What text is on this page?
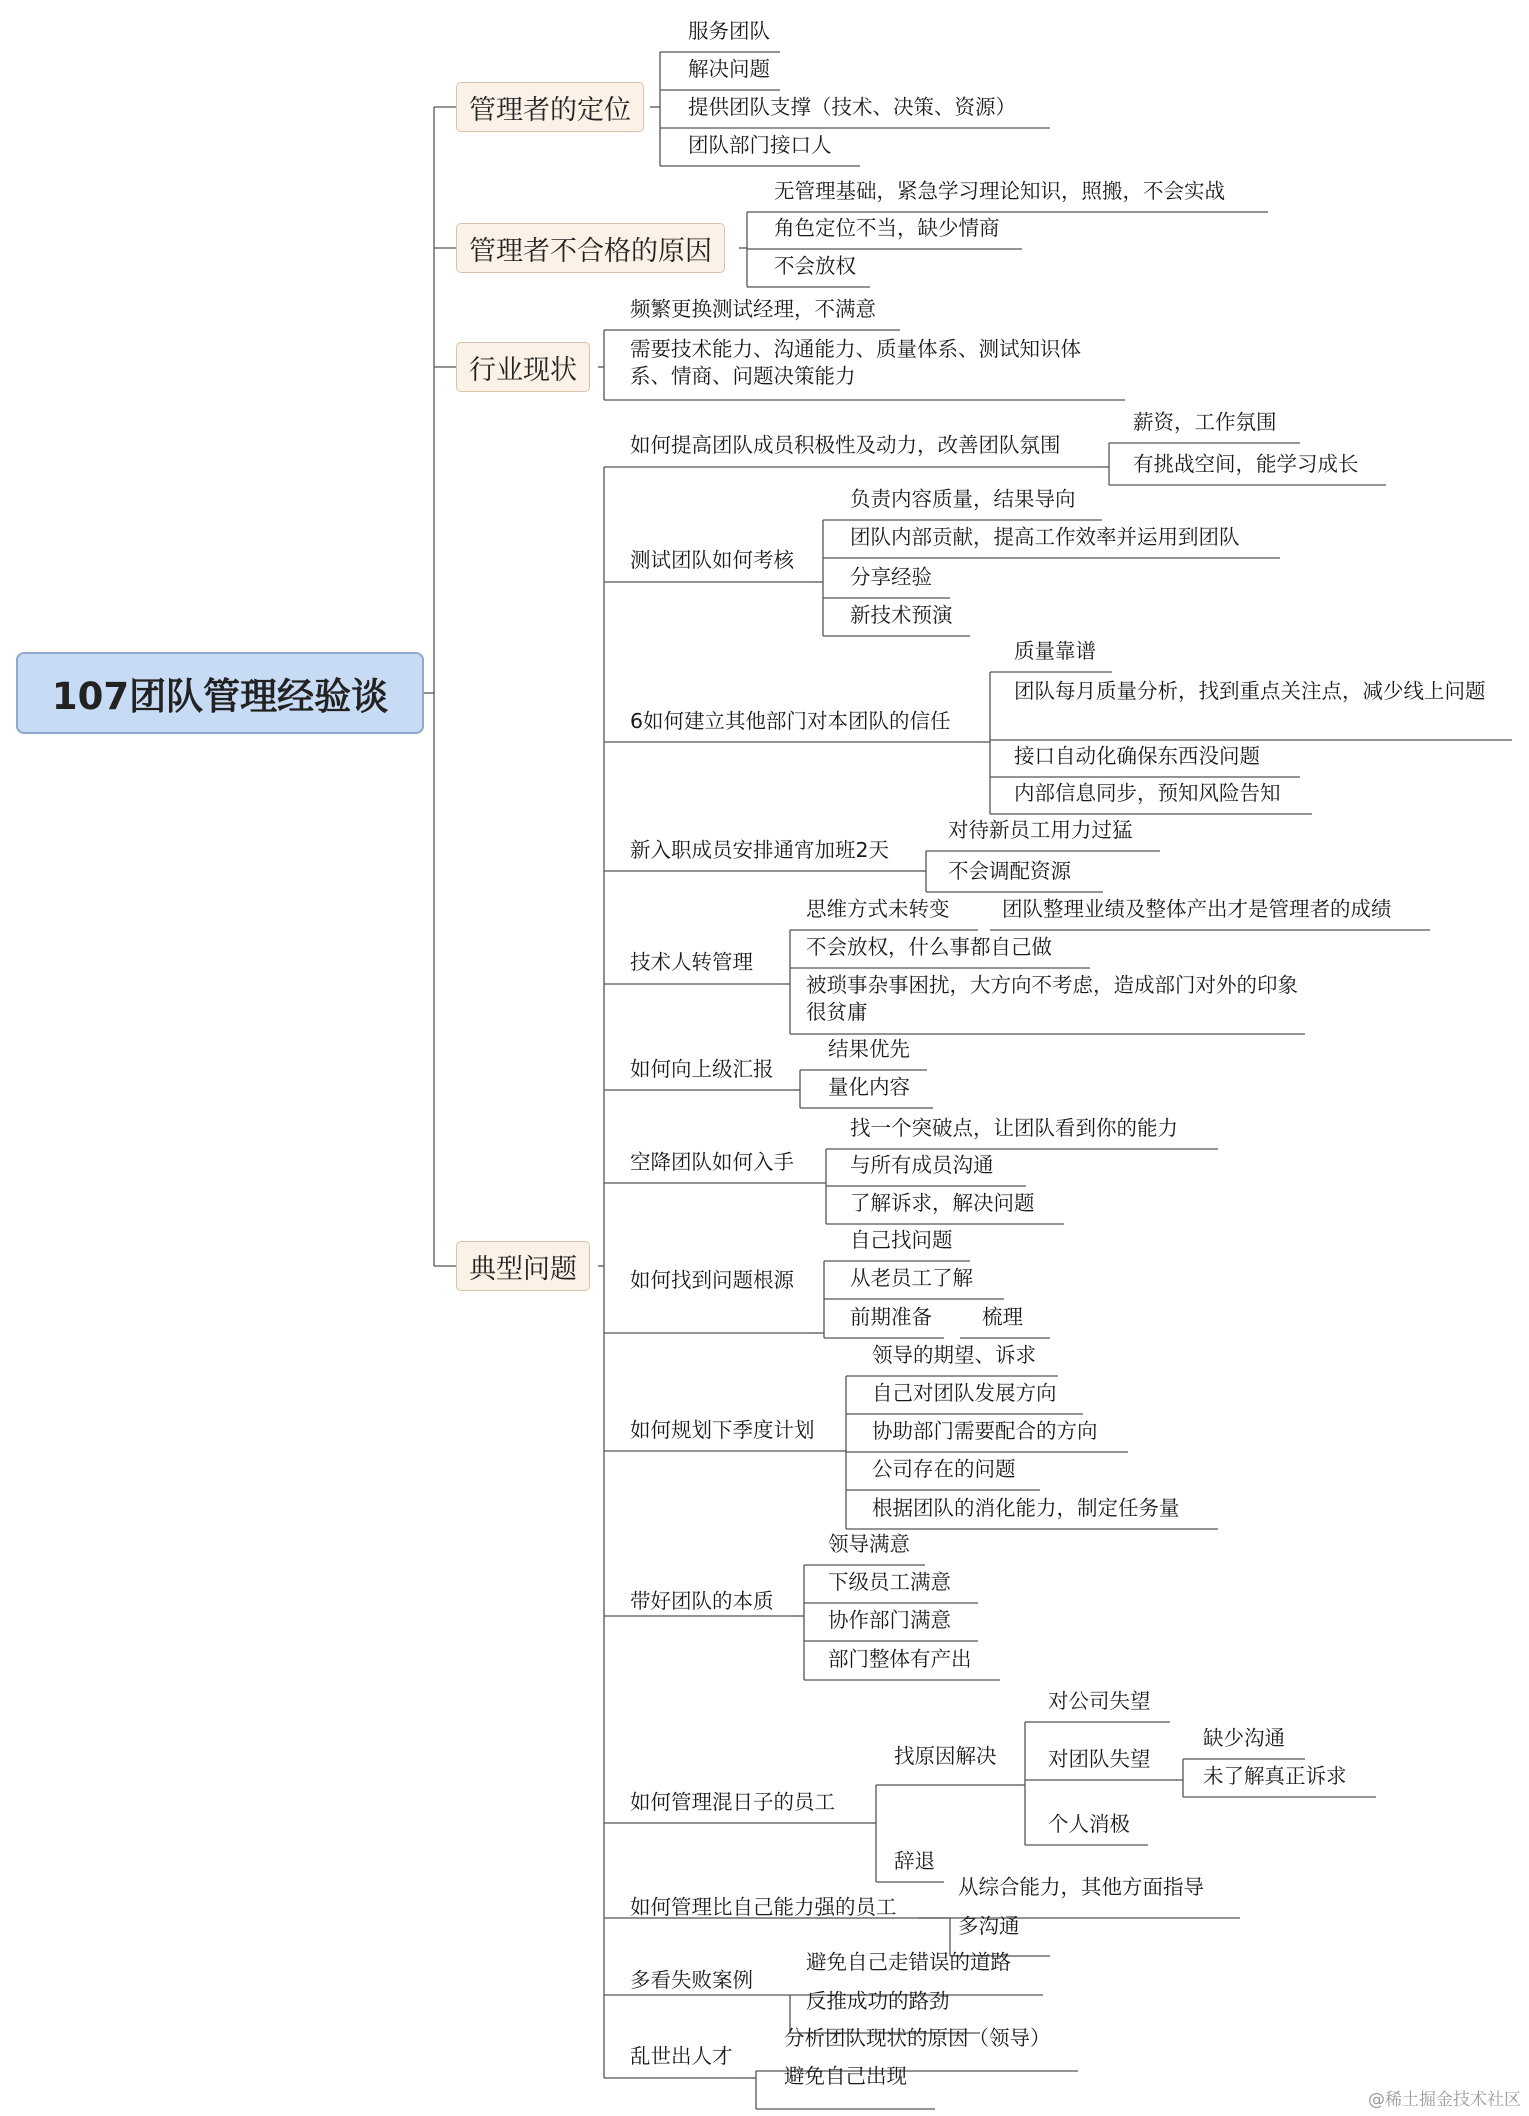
107团队管理经验谈
管理者的定位
管理者不合格的原因
行业现状
典型问题
服务团队
解决问题
提供团队支撑（技术、决策、资源）
团队部门接口人
无管理基础，紧急学习理论知识，照搬，不会实战
角色定位不当，缺少情商
不会放权
频繁更换测试经理，不满意
需要技术能力、沟通能力、质量体系、测试知识体系、情商、问题决策能力
如何提高团队成员积极性及动力，改善团队氛围
薪资，工作氛围
有挑战空间，能学习成长
测试团队如何考核
负责内容质量，结果导向
团队内部贡献，提高工作效率并运用到团队
分享经验
新技术预演
6如何建立其他部门对本团队的信任
质量靠谱
团队每月质量分析，找到重点关注点，减少线上问题
接口自动化确保东西没问题
内部信息同步，预知风险告知
新入职成员安排通宵加班2天
对待新员工用力过猛
不会调配资源
技术人转管理
思维方式未转变	团队整理业绩及整体产出才是管理者的成绩
不会放权，什么事都自己做
被琐事杂事困扰，大方向不考虑，造成部门对外的印象很贫庸
如何向上级汇报
结果优先
量化内容
空降团队如何入手
找一个突破点，让团队看到你的能力
与所有成员沟通
了解诉求，解决问题
如何找到问题根源
自己找问题
从老员工了解
前期准备 梳理
如何规划下季度计划
领导的期望、诉求
自己对团队发展方向
协助部门需要配合的方向
公司存在的问题
根据团队的消化能力，制定任务量
带好团队的本质
领导满意
下级员工满意
协作部门满意
部门整体有产出
如何管理混日子的员工
找原因解决
对公司失望
对团队失望
缺少沟通
未了解真正诉求
个人消极
辞退
如何管理比自己能力强的员工
从综合能力，其他方面指导
多沟通
多看失败案例
避免自己走错误的道路
反推成功的路劲
乱世出人才
分析团队现状的原因（领导）
避免自己出现
@稀土掘金技术社区
